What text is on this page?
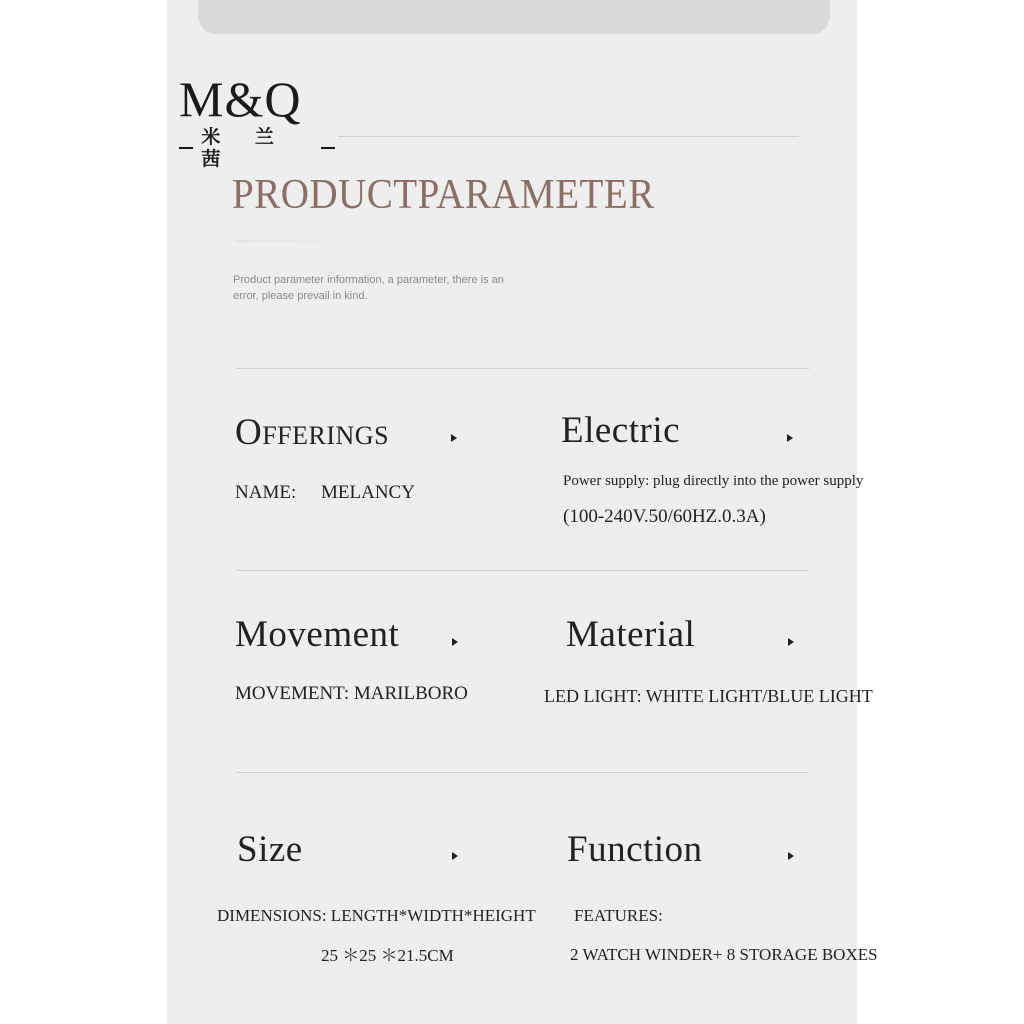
M&Q
米 兰 茜
PRODUCTPARAMETER
Product parameter information, a parameter, there is an
error, please prevail in kind.
Offerings
NAME: MELANCY
Electric
Power supply: plug directly into the power supply
(100-240V.50/60HZ.0.3A)
Movement
MOVEMENT: MARILBORO
Material
LED LIGHT: WHITE LIGHT/BLUE LIGHT
Size
DIMENSIONS: LENGTH*WIDTH*HEIGHT
25 ＊25 ＊21.5CM
Function
FEATURES:
2 WATCH WINDER+ 8 STORAGE BOXES
